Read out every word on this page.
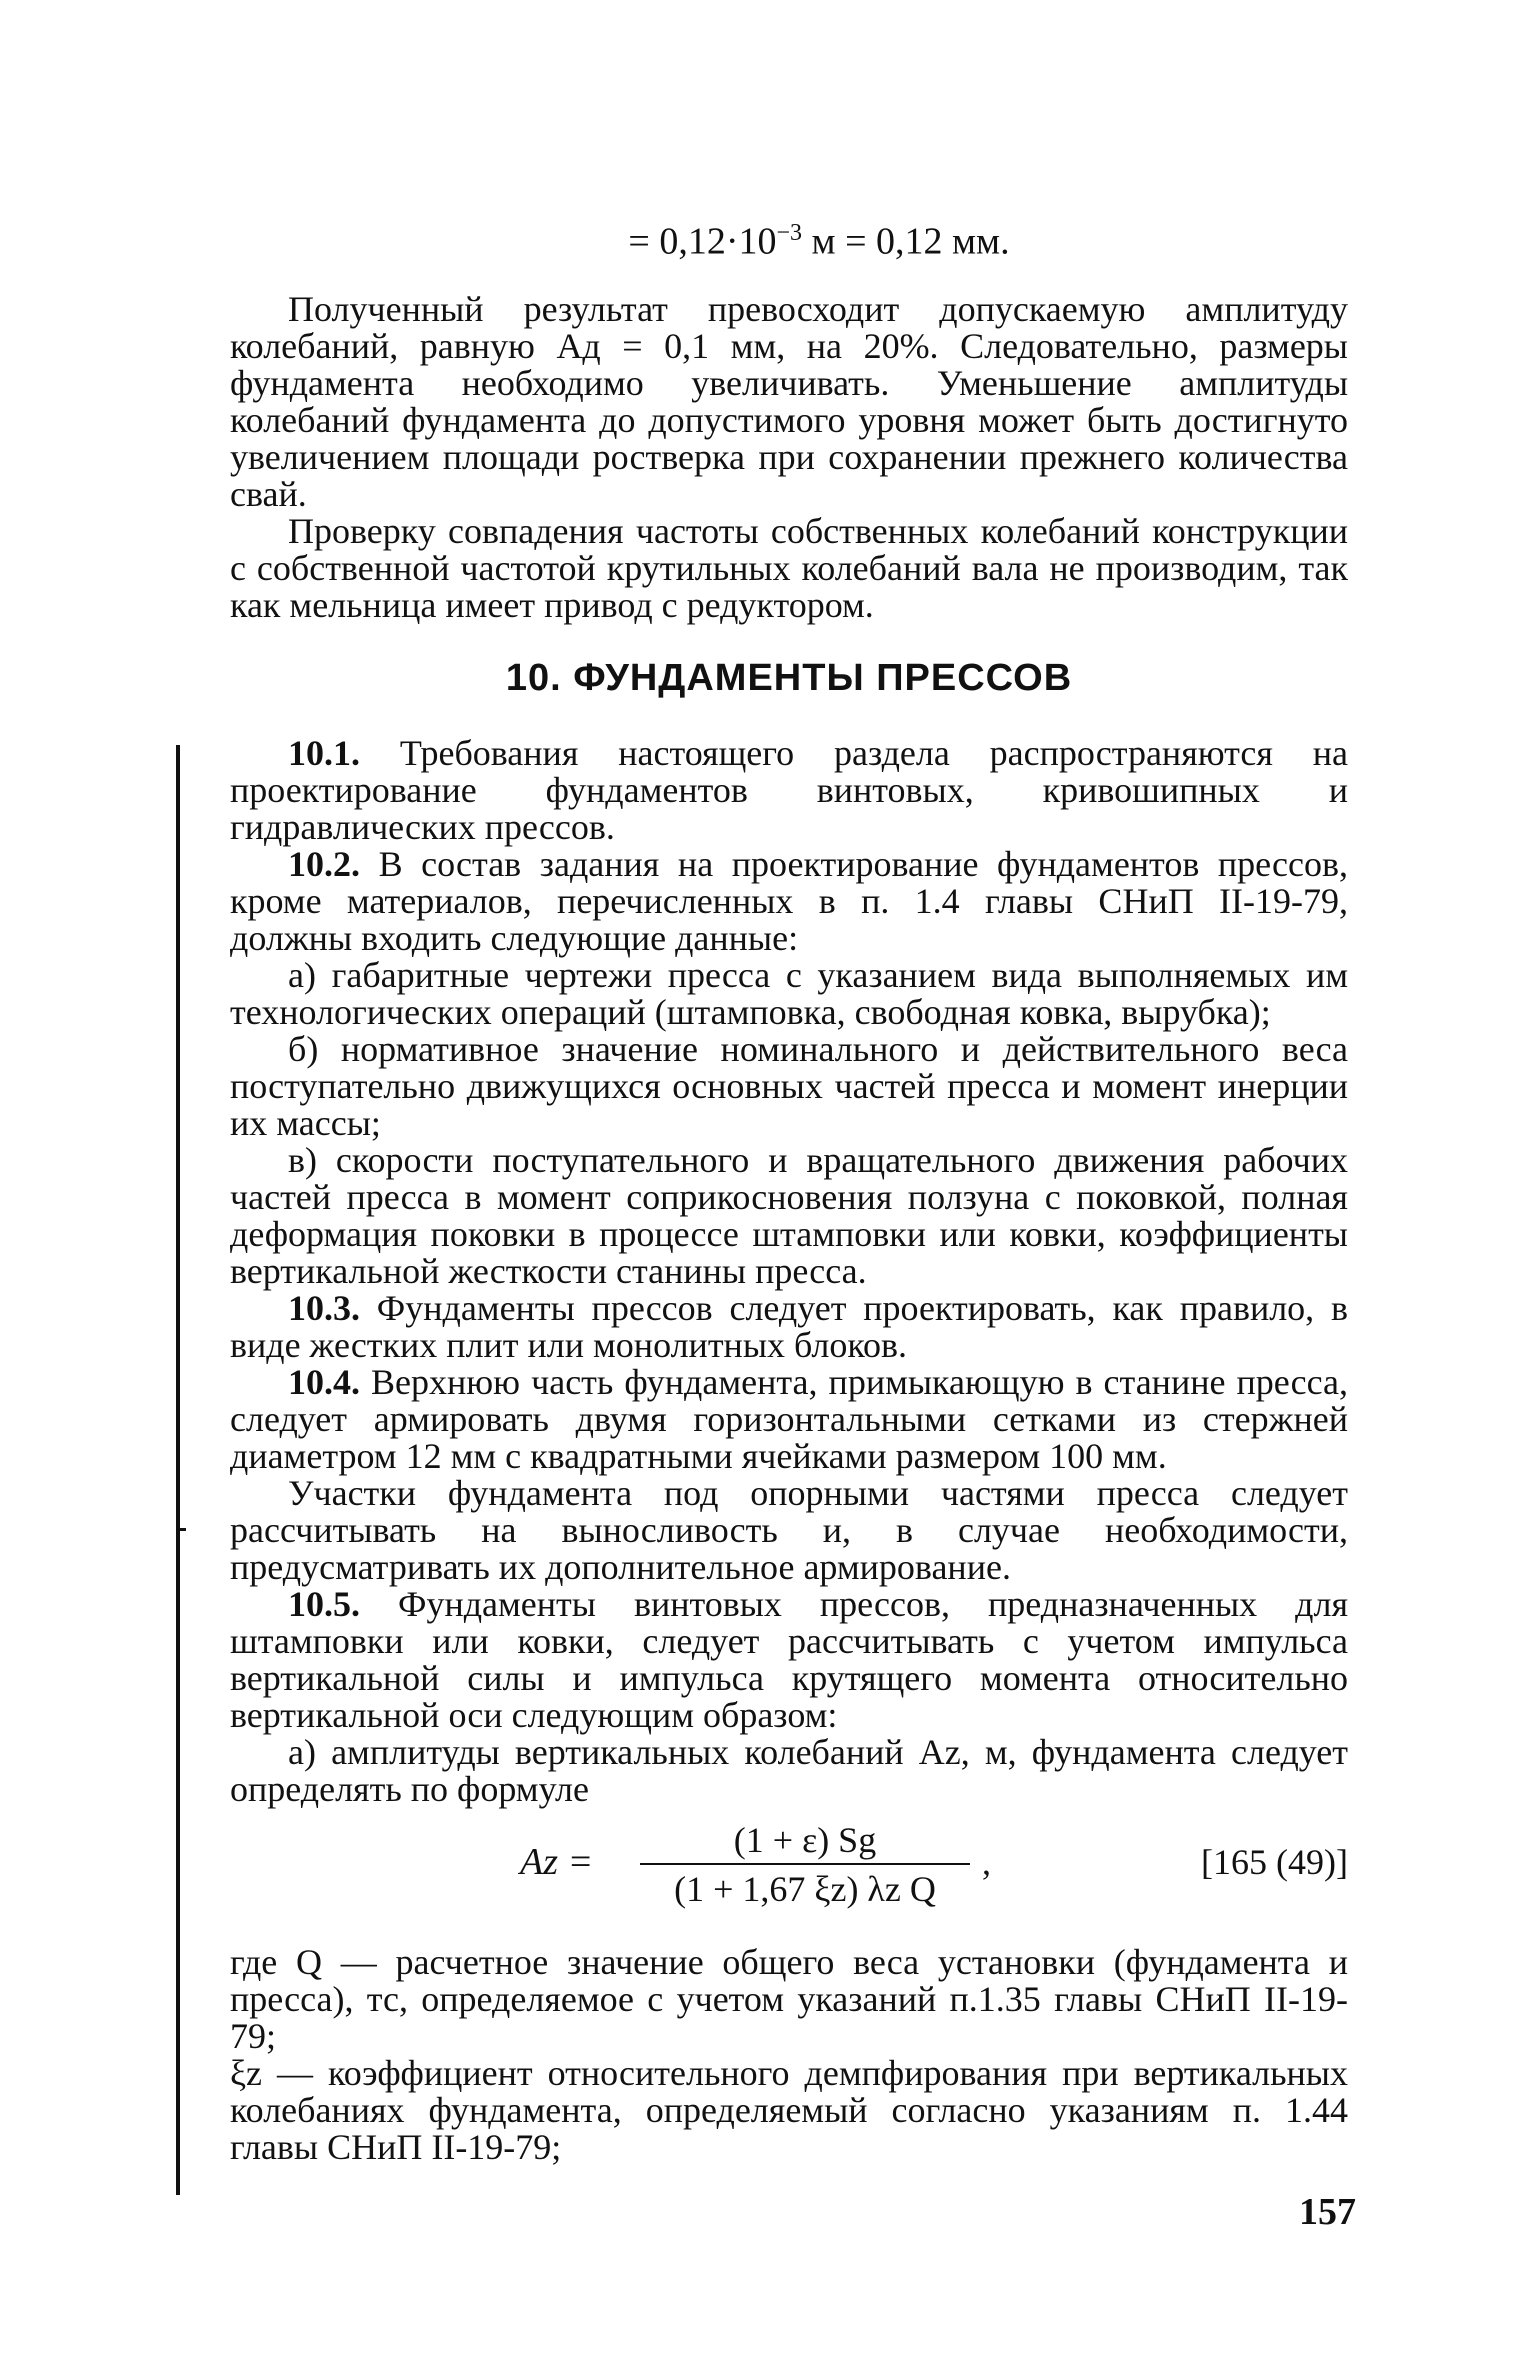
= $0,12\cdot 10^{-3}$ м = 0,12 мм.

Полученный результат превосходит допускаемую амплитуду колебаний, равную Aд = 0,1 мм, на 20%. Следовательно, размеры фундамента необходимо увеличивать. Уменьшение амплитуды колебаний фундамента до допустимого уровня может быть достигнуто увеличением площади ростверка при сохранении прежнего количества свай.

Проверку совпадения частоты собственных колебаний конструкции с собственной частотой крутильных колебаний вала не производим, так как мельница имеет привод с редуктором.

10. ФУНДАМЕНТЫ ПРЕССОВ

10.1. Требования настоящего раздела распространяются на проектирование фундаментов винтовых, кривошипных и гидравлических прессов.

10.2. В состав задания на проектирование фундаментов прессов, кроме материалов, перечисленных в п. 1.4 главы СНиП II-19-79, должны входить следующие данные:

а) габаритные чертежи пресса с указанием вида выполняемых им технологических операций (штамповка, свободная ковка, вырубка);

б) нормативное значение номинального и действительного веса поступательно движущихся основных частей пресса и момент инерции их массы;

в) скорости поступательного и вращательного движения рабочих частей пресса в момент соприкосновения ползуна с поковкой, полная деформация поковки в процессе штамповки или ковки, коэффициенты вертикальной жесткости станины пресса.

10.3. Фундаменты прессов следует проектировать, как правило, в виде жестких плит или монолитных блоков.

10.4. Верхнюю часть фундамента, примыкающую в станине пресса, следует армировать двумя горизонтальными сетками из стержней диаметром 12 мм с квадратными ячейками размером 100 мм.

Участки фундамента под опорными частями пресса следует рассчитывать на выносливость и, в случае необходимости, предусматривать их дополнительное армирование.

10.5. Фундаменты винтовых прессов, предназначенных для штамповки или ковки, следует рассчитывать с учетом импульса вертикальной силы и импульса крутящего момента относительно вертикальной оси следующим образом:

а) амплитуды вертикальных колебаний Az, м, фундамента следует определять по формуле

$Az = \frac{(1 + \varepsilon) Sg}{\text{(1 + 1,67 ξz) λz Q}}$ ,	[165 (49)]

где Q — расчетное значение общего веса установки (фундамента и пресса), тс, определяемое с учетом указаний п.1.35 главы СНиП II-19-79;

ξz — коэффициент относительного демпфирования при вертикальных колебаниях фундамента, определяемый согласно указаниям п. 1.44 главы СНиП II-19-79;

157
